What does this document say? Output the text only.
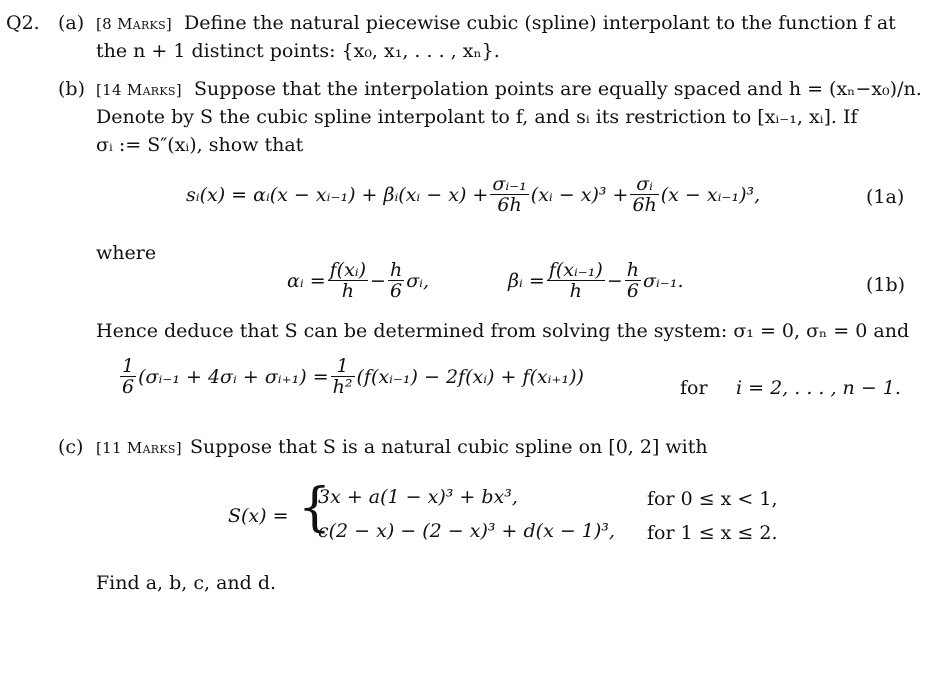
Q2. (a) [8 Marks] Define the natural piecewise cubic (spline) interpolant to the function f at
the n + 1 distinct points: {x₀, x₁, . . . , xₙ}.
(b) [14 Marks] Suppose that the interpolation points are equally spaced and h = (xₙ−x₀)/n.
Denote by S the cubic spline interpolant to f, and sᵢ its restriction to [xᵢ₋₁, xᵢ]. If
σᵢ := S″(xᵢ), show that
sᵢ(x) = αᵢ(x − xᵢ₋₁) + βᵢ(xᵢ − $x) + \frac{\text{σᵢ₋₁}}{6h}$ (xᵢ − $x)^3 + \frac{\text{σᵢ}}{6h} (x$ − xᵢ₋₁)³,	(1a)
where
αᵢ = $\frac{\text{f(xᵢ)}}{h} - \frac{h}{6}$ σᵢ,	βᵢ = $\frac{\text{f(xᵢ₋₁)}}{h} - \frac{h}{6}$ σᵢ₋₁.	(1b)
Hence deduce that S can be determined from solving the system: σ₁ = 0, σₙ = 0 and
$\frac{1}{6}$ (σᵢ₋₁ + 4σᵢ + σᵢ₊₁) = $\frac{1}{\text{h²}}$ (f(xᵢ₋₁) − 2f(xᵢ) + f(xᵢ₊₁))
for i = 2, . . . , n − 1.
(c) [11 Marks] Suppose that S is a natural cubic spline on [0, 2] with
S(x) = {
3x + a(1 − x)³ + bx³,	for 0 ≤ x < 1,
c(2 − x) − (2 − x)³ + d(x − 1)³, for 1 ≤ x ≤ 2.
Find a, b, c, and d.
